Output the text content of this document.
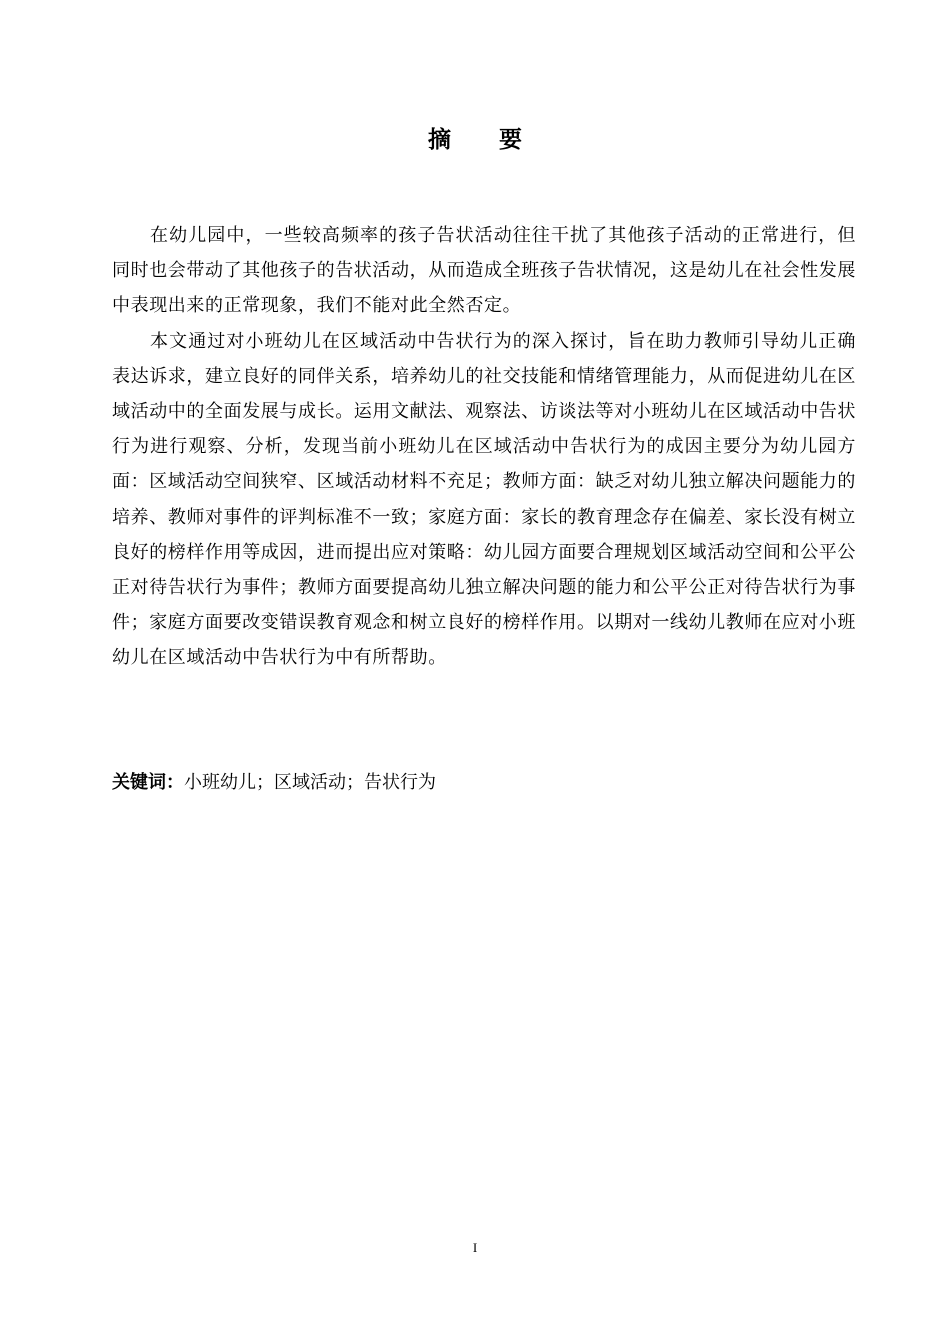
摘 要

在幼儿园中，一些较高频率的孩子告状活动往往干扰了其他孩子活动的正常进行，但同时也会带动了其他孩子的告状活动，从而造成全班孩子告状情况，这是幼儿在社会性发展中表现出来的正常现象，我们不能对此全然否定。

本文通过对小班幼儿在区域活动中告状行为的深入探讨，旨在助力教师引导幼儿正确表达诉求，建立良好的同伴关系，培养幼儿的社交技能和情绪管理能力，从而促进幼儿在区域活动中的全面发展与成长。运用文献法、观察法、访谈法等对小班幼儿在区域活动中告状行为进行观察、分析，发现当前小班幼儿在区域活动中告状行为的成因主要分为幼儿园方面：区域活动空间狭窄、区域活动材料不充足；教师方面：缺乏对幼儿独立解决问题能力的培养、教师对事件的评判标准不一致；家庭方面：家长的教育理念存在偏差、家长没有树立良好的榜样作用等成因，进而提出应对策略：幼儿园方面要合理规划区域活动空间和公平公正对待告状行为事件；教师方面要提高幼儿独立解决问题的能力和公平公正对待告状行为事件；家庭方面要改变错误教育观念和树立良好的榜样作用。以期对一线幼儿教师在应对小班幼儿在区域活动中告状行为中有所帮助。

关键词：小班幼儿；区域活动；告状行为
I
